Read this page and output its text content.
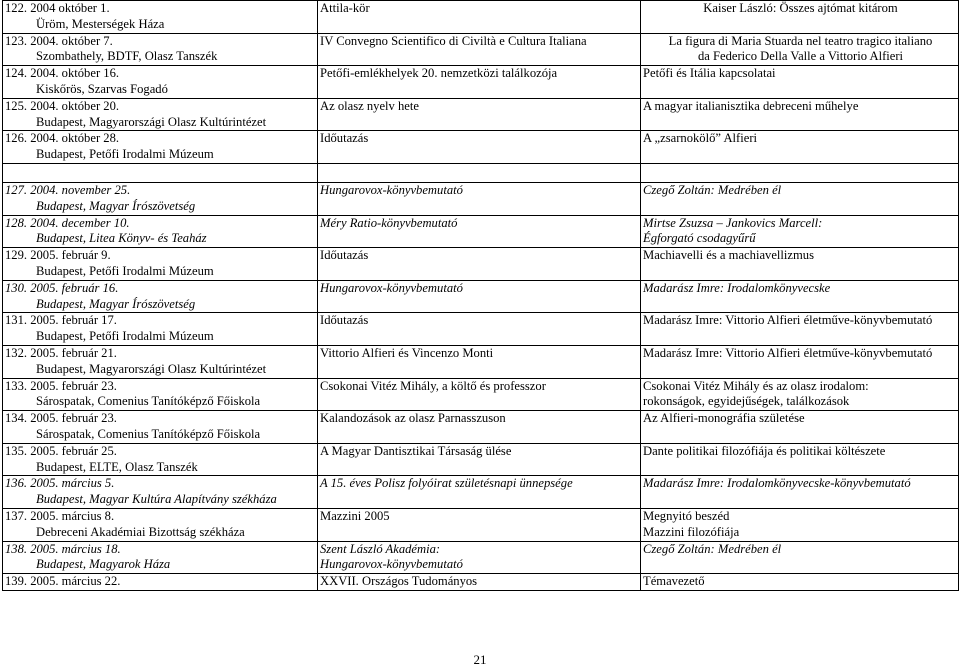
122. 2004 október 1.
Üröm, Mesterségek Háza	Attila-kör	Kaiser László: Összes ajtómat kitárom

123. 2004. október 7.
Szombathely, BDTF, Olasz Tanszék	IV Convegno Scientifico di Civiltà e Cultura Italiana	La figura di Maria Stuarda nel teatro tragico italiano
da Federico Della Valle a Vittorio Alfieri

124. 2004. október 16.
Kiskőrös, Szarvas Fogadó	Petőfi-emlékhelyek 20. nemzetközi találkozója	Petőfi és Itália kapcsolatai

125. 2004. október 20.
Budapest, Magyarországi Olasz Kultúrintézet	Az olasz nyelv hete	A magyar italianisztika debreceni műhelye

126. 2004. október 28.
Budapest, Petőfi Irodalmi Múzeum	Időutazás	A „zsarnokölő” Alfieri

127. 2004. november 25.
Budapest, Magyar Írószövetség	Hungarovox-könyvbemutató	Czegő Zoltán: Medrében él

128. 2004. december 10.
Budapest, Litea Könyv- és Teaház	Méry Ratio-könyvbemutató	Mirtse Zsuzsa – Jankovics Marcell:
Égforgató csodagyűrű

129. 2005. február 9.
Budapest, Petőfi Irodalmi Múzeum	Időutazás	Machiavelli és a machiavellizmus

130. 2005. február 16.
Budapest, Magyar Írószövetség	Hungarovox-könyvbemutató	Madarász Imre: Irodalomkönyvecske

131. 2005. február 17.
Budapest, Petőfi Irodalmi Múzeum	Időutazás	Madarász Imre: Vittorio Alfieri életműve-könyvbemutató

132. 2005. február 21.
Budapest, Magyarországi Olasz Kultúrintézet	Vittorio Alfieri és Vincenzo Monti	Madarász Imre: Vittorio Alfieri életműve-könyvbemutató

133. 2005. február 23.
Sárospatak, Comenius Tanítóképző Főiskola	Csokonai Vitéz Mihály, a költő és professzor	Csokonai Vitéz Mihály és az olasz irodalom:
rokonságok, egyidejűségek, találkozások

134. 2005. február 23.
Sárospatak, Comenius Tanítóképző Főiskola	Kalandozások az olasz Parnasszuson	Az Alfieri-monográfia születése

135. 2005. február 25.
Budapest, ELTE, Olasz Tanszék	A Magyar Dantisztikai Társaság ülése	Dante politikai filozófiája és politikai költészete

136. 2005. március 5.
Budapest, Magyar Kultúra Alapítvány székháza	A 15. éves Polisz folyóirat születésnapi ünnepsége	Madarász Imre: Irodalomkönyvecske-könyvbemutató

137. 2005. március 8.
Debreceni Akadémiai Bizottság székháza	Mazzini 2005	Megnyitó beszéd
Mazzini filozófiája

138. 2005. március 18.
Budapest, Magyarok Háza	Szent László Akadémia:
Hungarovox-könyvbemutató	Czegő Zoltán: Medrében él

139. 2005. március 22.	XXVII. Országos Tudományos	Témavezető
21
